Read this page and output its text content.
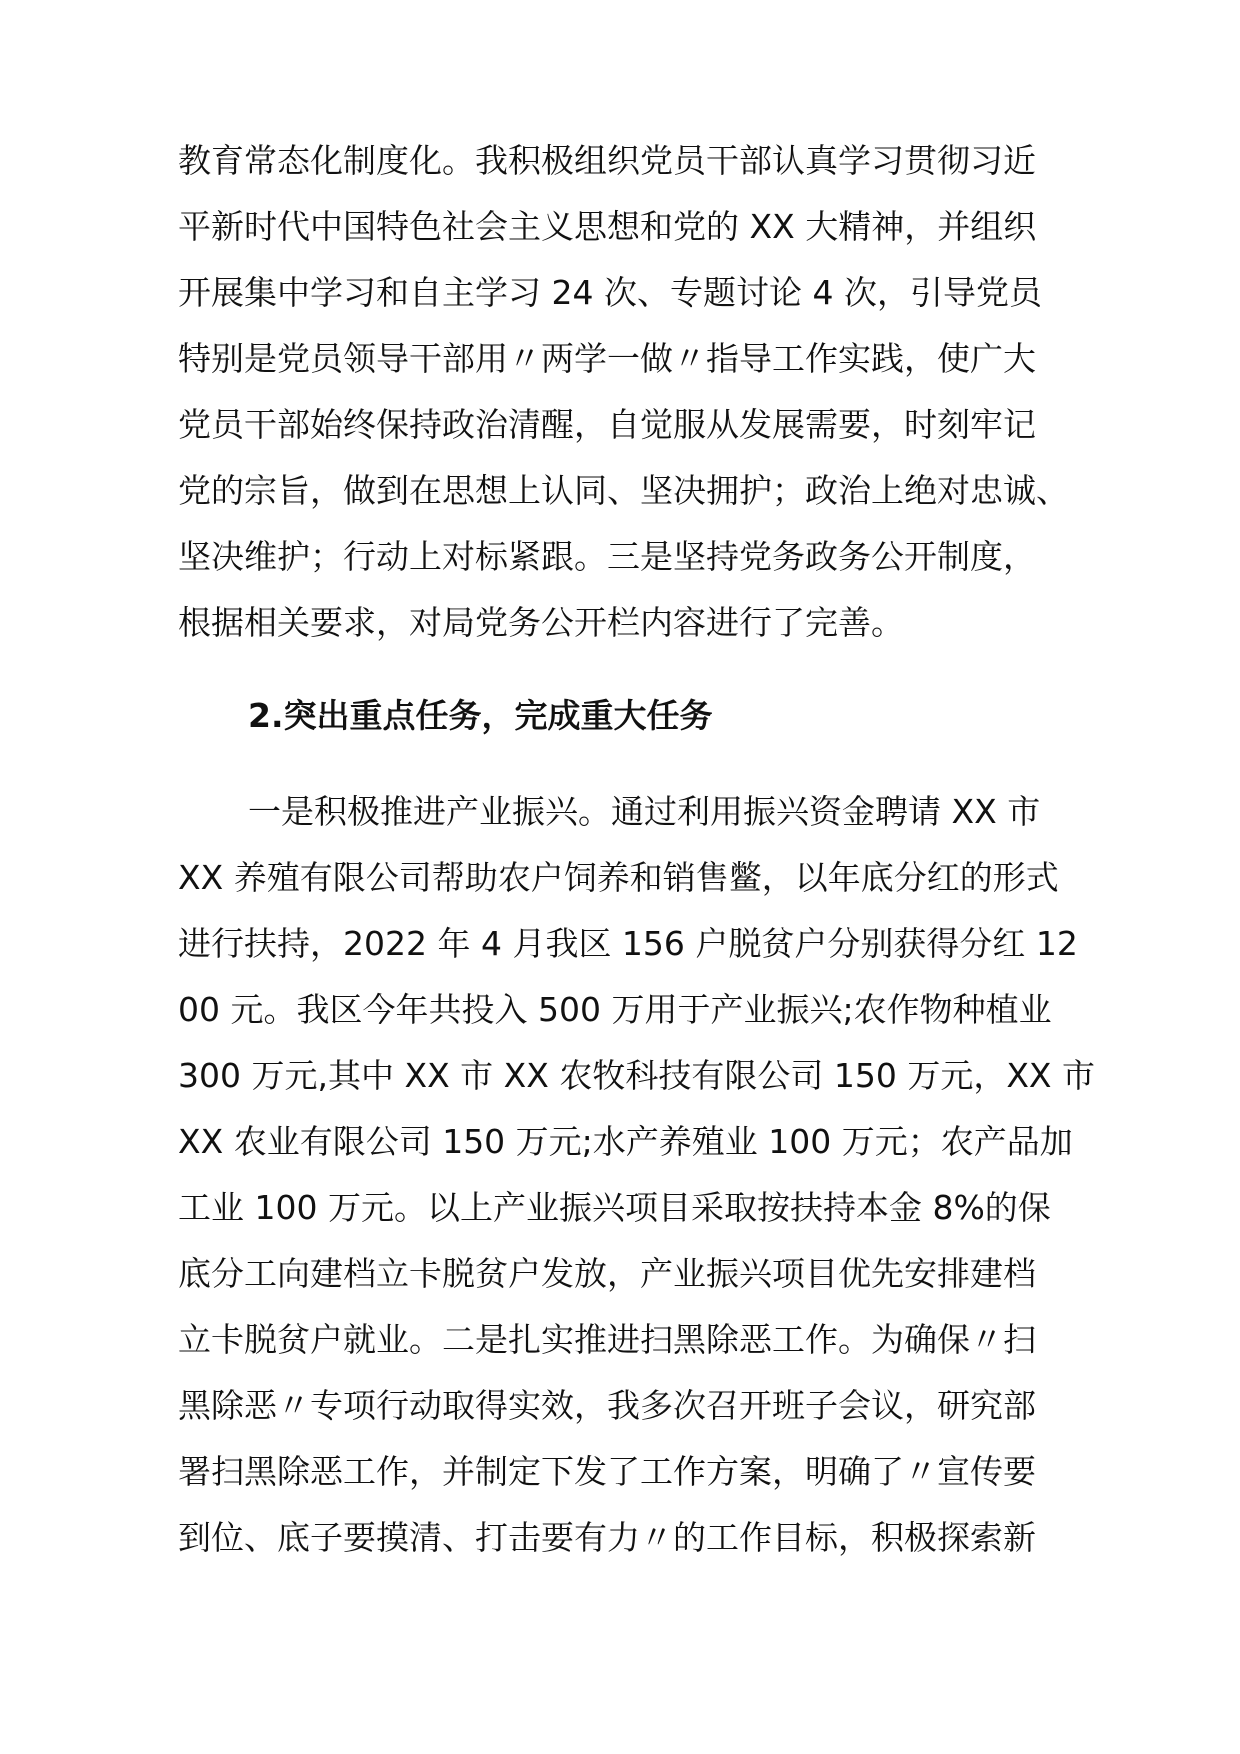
教育常态化制度化。我积极组织党员干部认真学习贯彻习近
平新时代中国特色社会主义思想和党的 XX 大精神，并组织
开展集中学习和自主学习 24 次、专题讨论 4 次，引导党员
特别是党员领导干部用〃两学一做〃指导工作实践，使广大
党员干部始终保持政治清醒，自觉服从发展需要，时刻牢记
党的宗旨，做到在思想上认同、坚决拥护；政治上绝对忠诚、
坚决维护；行动上对标紧跟。三是坚持党务政务公开制度，
根据相关要求，对局党务公开栏内容进行了完善。
2.突出重点任务，完成重大任务
一是积极推进产业振兴。通过利用振兴资金聘请 XX 市
XX 养殖有限公司帮助农户饲养和销售鳖，以年底分红的形式
进行扶持，2022 年 4 月我区 156 户脱贫户分别获得分红 12
00 元。我区今年共投入 500 万用于产业振兴;农作物种植业
300 万元,其中 XX 市 XX 农牧科技有限公司 150 万元，XX 市
XX 农业有限公司 150 万元;水产养殖业 100 万元；农产品加
工业 100 万元。以上产业振兴项目采取按扶持本金 8%的保
底分工向建档立卡脱贫户发放，产业振兴项目优先安排建档
立卡脱贫户就业。二是扎实推进扫黑除恶工作。为确保〃扫
黑除恶〃专项行动取得实效，我多次召开班子会议，研究部
署扫黑除恶工作，并制定下发了工作方案，明确了〃宣传要
到位、底子要摸清、打击要有力〃的工作目标，积极探索新
